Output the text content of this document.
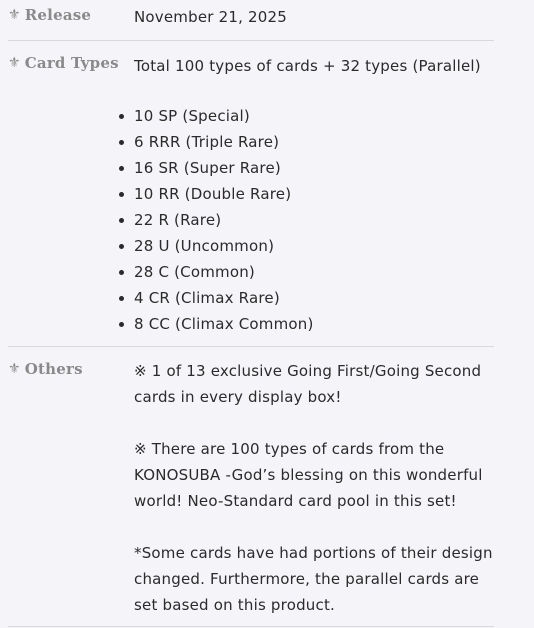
⚜ Release	November 21, 2025
⚜ Card Types Total 100 types of cards + 32 types (Parallel)
10 SP (Special)
6 RRR (Triple Rare)
16 SR (Super Rare)
10 RR (Double Rare)
22 R (Rare)
28 U (Uncommon)
28 C (Common)
4 CR (Climax Rare)
8 CC (Climax Common)
⚜ Others	※ 1 of 13 exclusive Going First/Going Second cards in every display box!

※ There are 100 types of cards from the KONOSUBA -God’s blessing on this wonderful world! Neo-Standard card pool in this set!

*Some cards have had portions of their design changed. Furthermore, the parallel cards are set based on this product.
